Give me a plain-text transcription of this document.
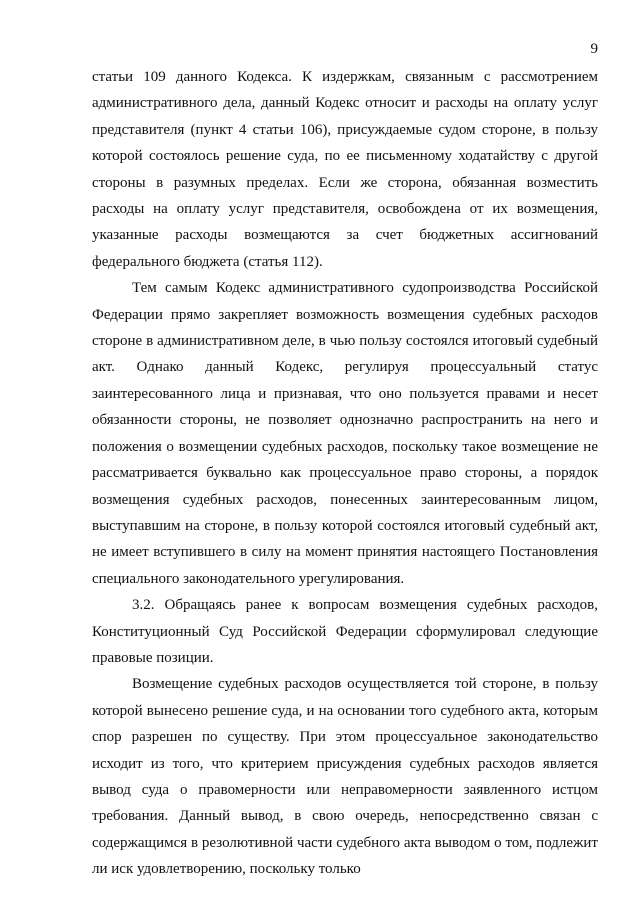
9

статьи 109 данного Кодекса. К издержкам, связанным с рассмотрением административного дела, данный Кодекс относит и расходы на оплату услуг представителя (пункт 4 статьи 106), присуждаемые судом стороне, в пользу которой состоялось решение суда, по ее письменному ходатайству с другой стороны в разумных пределах. Если же сторона, обязанная возместить расходы на оплату услуг представителя, освобождена от их возмещения, указанные расходы возмещаются за счет бюджетных ассигнований федерального бюджета (статья 112).

Тем самым Кодекс административного судопроизводства Российской Федерации прямо закрепляет возможность возмещения судебных расходов стороне в административном деле, в чью пользу состоялся итоговый судебный акт. Однако данный Кодекс, регулируя процессуальный статус заинтересованного лица и признавая, что оно пользуется правами и несет обязанности стороны, не позволяет однозначно распространить на него и положения о возмещении судебных расходов, поскольку такое возмещение не рассматривается буквально как процессуальное право стороны, а порядок возмещения судебных расходов, понесенных заинтересованным лицом, выступавшим на стороне, в пользу которой состоялся итоговый судебный акт, не имеет вступившего в силу на момент принятия настоящего Постановления специального законодательного урегулирования.

3.2. Обращаясь ранее к вопросам возмещения судебных расходов, Конституционный Суд Российской Федерации сформулировал следующие правовые позиции.

Возмещение судебных расходов осуществляется той стороне, в пользу которой вынесено решение суда, и на основании того судебного акта, которым спор разрешен по существу. При этом процессуальное законодательство исходит из того, что критерием присуждения судебных расходов является вывод суда о правомерности или неправомерности заявленного истцом требования. Данный вывод, в свою очередь, непосредственно связан с содержащимся в резолютивной части судебного акта выводом о том, подлежит ли иск удовлетворению, поскольку только
